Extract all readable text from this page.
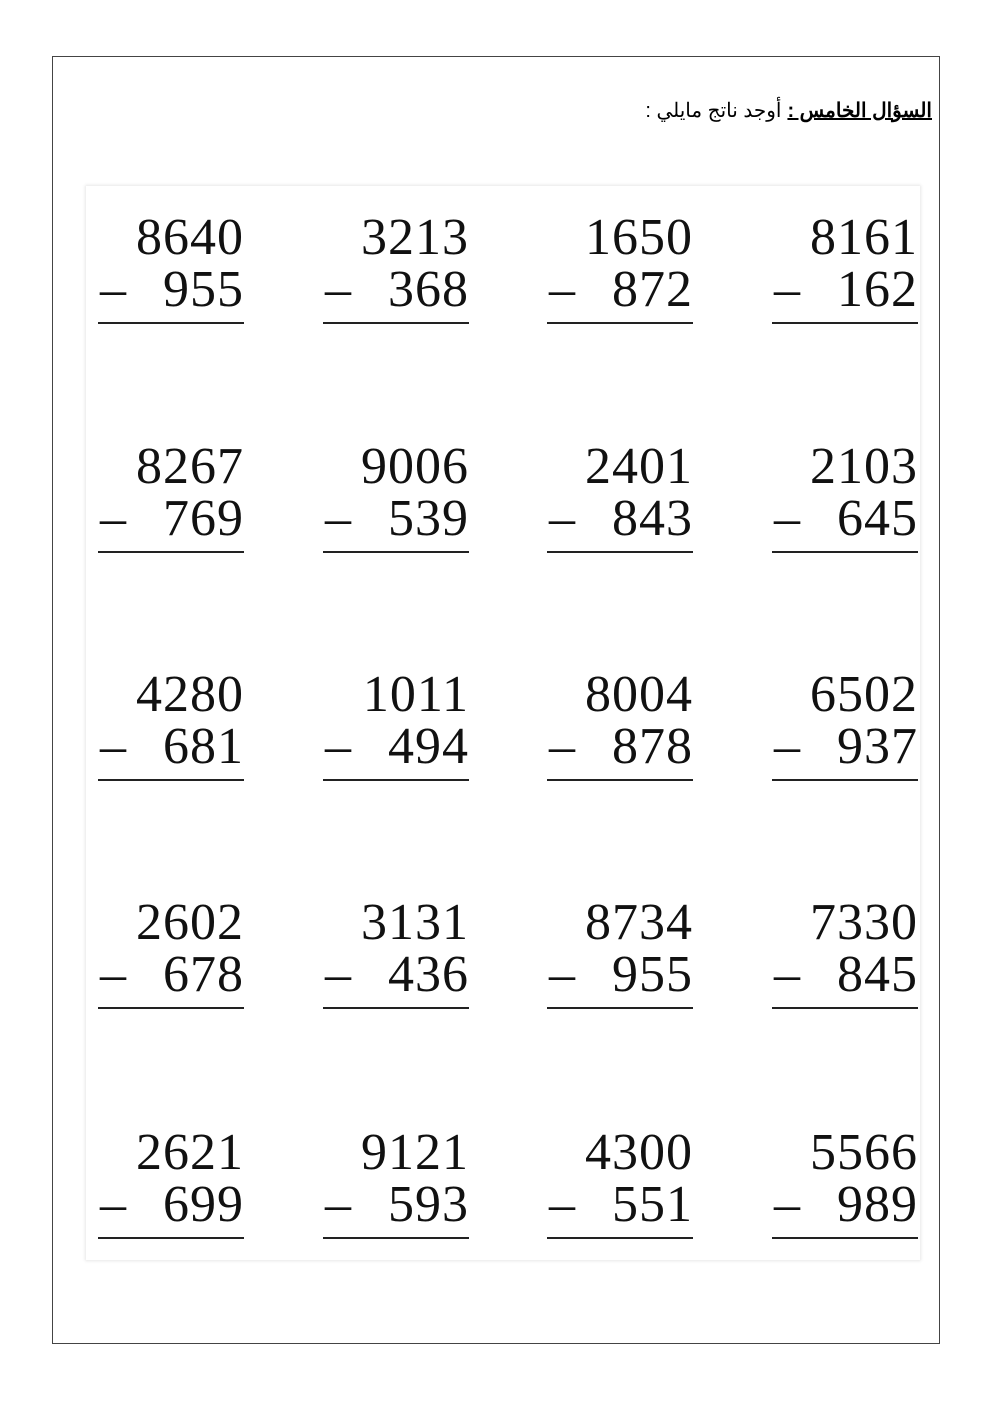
السؤال الخامس :أوجد ناتج مايلي :
8640
– 955
3213
– 368
1650
– 872
8161
– 162
8267
– 769
9006
– 539
2401
– 843
2103
– 645
4280
– 681
1011
– 494
8004
– 878
6502
– 937
2602
– 678
3131
– 436
8734
– 955
7330
– 845
2621
– 699
9121
– 593
4300
– 551
5566
– 989
